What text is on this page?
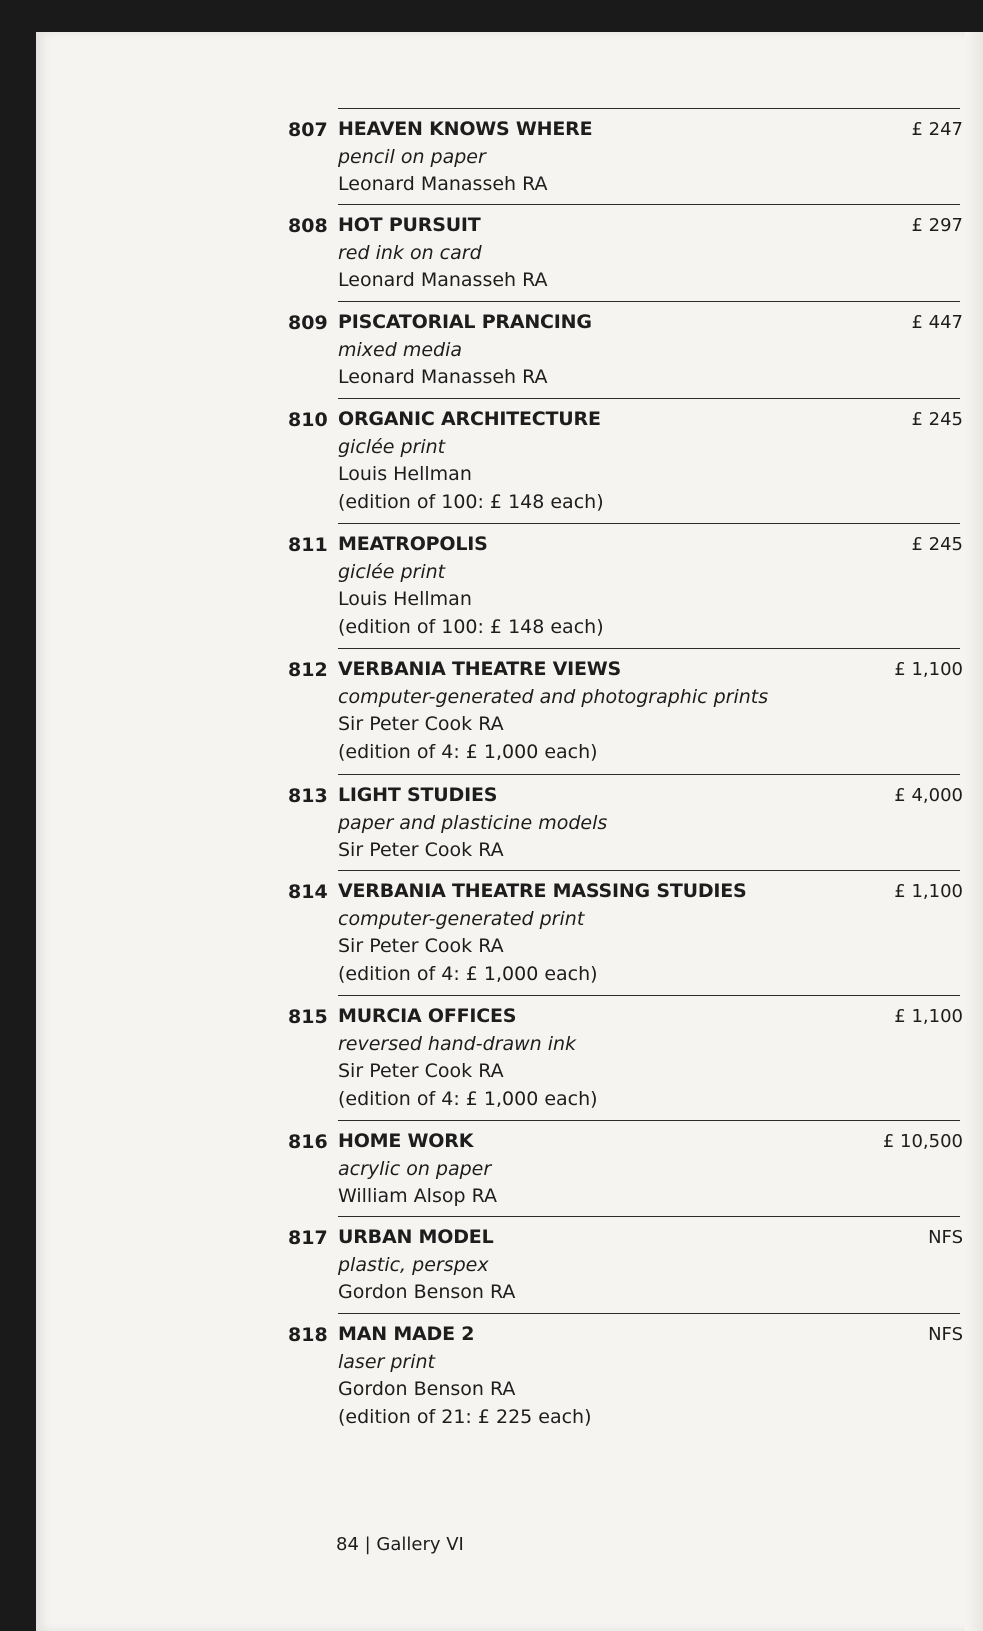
807 HEAVEN KNOWS WHERE
pencil on paper
Leonard Manasseh RA
£ 247
808 HOT PURSUIT
red ink on card
Leonard Manasseh RA
£ 297
809 PISCATORIAL PRANCING
mixed media
Leonard Manasseh RA
£ 447
810 ORGANIC ARCHITECTURE
giclée print
Louis Hellman
(edition of 100: £ 148 each)
£ 245
811 MEATROPOLIS
giclée print
Louis Hellman
(edition of 100: £ 148 each)
£ 245
812 VERBANIA THEATRE VIEWS
computer-generated and photographic prints
Sir Peter Cook RA
(edition of 4: £ 1,000 each)
£ 1,100
813 LIGHT STUDIES
paper and plasticine models
Sir Peter Cook RA
£ 4,000
814 VERBANIA THEATRE MASSING STUDIES
computer-generated print
Sir Peter Cook RA
(edition of 4: £ 1,000 each)
£ 1,100
815 MURCIA OFFICES
reversed hand-drawn ink
Sir Peter Cook RA
(edition of 4: £ 1,000 each)
£ 1,100
816 HOME WORK
acrylic on paper
William Alsop RA
£ 10,500
817 URBAN MODEL
plastic, perspex
Gordon Benson RA
NFS
818 MAN MADE 2
laser print
Gordon Benson RA
(edition of 21: £ 225 each)
NFS
84 | Gallery VI
